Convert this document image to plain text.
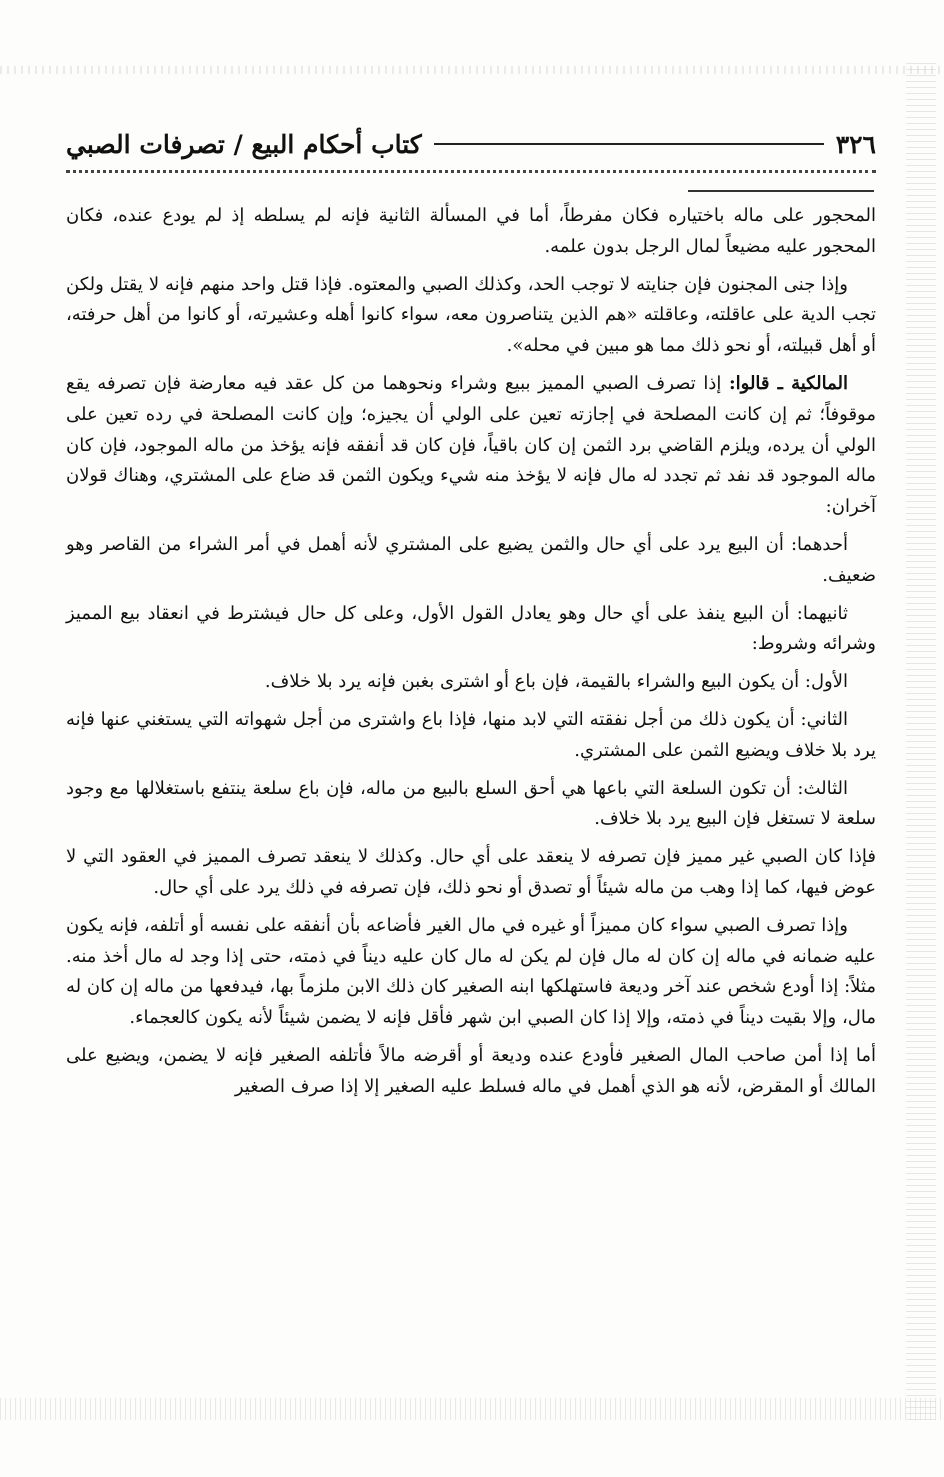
٣٢٦
كتاب أحكام البيع / تصرفات الصبي

المحجور على ماله باختياره فكان مفرطاً، أما في المسألة الثانية فإنه لم يسلطه إذ لم يودع عنده، فكان المحجور عليه مضيعاً لمال الرجل بدون علمه.

وإذا جنى المجنون فإن جنايته لا توجب الحد، وكذلك الصبي والمعتوه. فإذا قتل واحد منهم فإنه لا يقتل ولكن تجب الدية على عاقلته، وعاقلته «هم الذين يتناصرون معه، سواء كانوا أهله وعشيرته، أو كانوا من أهل حرفته، أو أهل قبيلته، أو نحو ذلك مما هو مبين في محله».

المالكية ـ قالوا: إذا تصرف الصبي المميز ببيع وشراء ونحوهما من كل عقد فيه معارضة فإن تصرفه يقع موقوفاً؛ ثم إن كانت المصلحة في إجازته تعين على الولي أن يجيزه؛ وإن كانت المصلحة في رده تعين على الولي أن يرده، ويلزم القاضي برد الثمن إن كان باقياً، فإن كان قد أنفقه فإنه يؤخذ من ماله الموجود، فإن كان ماله الموجود قد نفد ثم تجدد له مال فإنه لا يؤخذ منه شيء ويكون الثمن قد ضاع على المشتري، وهناك قولان آخران:

أحدهما: أن البيع يرد على أي حال والثمن يضيع على المشتري لأنه أهمل في أمر الشراء من القاصر وهو ضعيف.

ثانيهما: أن البيع ينفذ على أي حال وهو يعادل القول الأول، وعلى كل حال فيشترط في انعقاد بيع المميز وشرائه وشروط:

الأول: أن يكون البيع والشراء بالقيمة، فإن باع أو اشترى بغبن فإنه يرد بلا خلاف.

الثاني: أن يكون ذلك من أجل نفقته التي لابد منها، فإذا باع واشترى من أجل شهواته التي يستغني عنها فإنه يرد بلا خلاف ويضيع الثمن على المشتري.

الثالث: أن تكون السلعة التي باعها هي أحق السلع بالبيع من ماله، فإن باع سلعة ينتفع باستغلالها مع وجود سلعة لا تستغل فإن البيع يرد بلا خلاف.

فإذا كان الصبي غير مميز فإن تصرفه لا ينعقد على أي حال. وكذلك لا ينعقد تصرف المميز في العقود التي لا عوض فيها، كما إذا وهب من ماله شيئاً أو تصدق أو نحو ذلك، فإن تصرفه في ذلك يرد على أي حال.

وإذا تصرف الصبي سواء كان مميزاً أو غيره في مال الغير فأضاعه بأن أنفقه على نفسه أو أتلفه، فإنه يكون عليه ضمانه في ماله إن كان له مال فإن لم يكن له مال كان عليه ديناً في ذمته، حتى إذا وجد له مال أخذ منه. مثلاً: إذا أودع شخص عند آخر وديعة فاستهلكها ابنه الصغير كان ذلك الابن ملزماً بها، فيدفعها من ماله إن كان له مال، وإلا بقيت ديناً في ذمته، وإلا إذا كان الصبي ابن شهر فأقل فإنه لا يضمن شيئاً لأنه يكون كالعجماء.

أما إذا أمن صاحب المال الصغير فأودع عنده وديعة أو أقرضه مالاً فأتلفه الصغير فإنه لا يضمن، ويضيع على المالك أو المقرض، لأنه هو الذي أهمل في ماله فسلط عليه الصغير إلا إذا صرف الصغير
